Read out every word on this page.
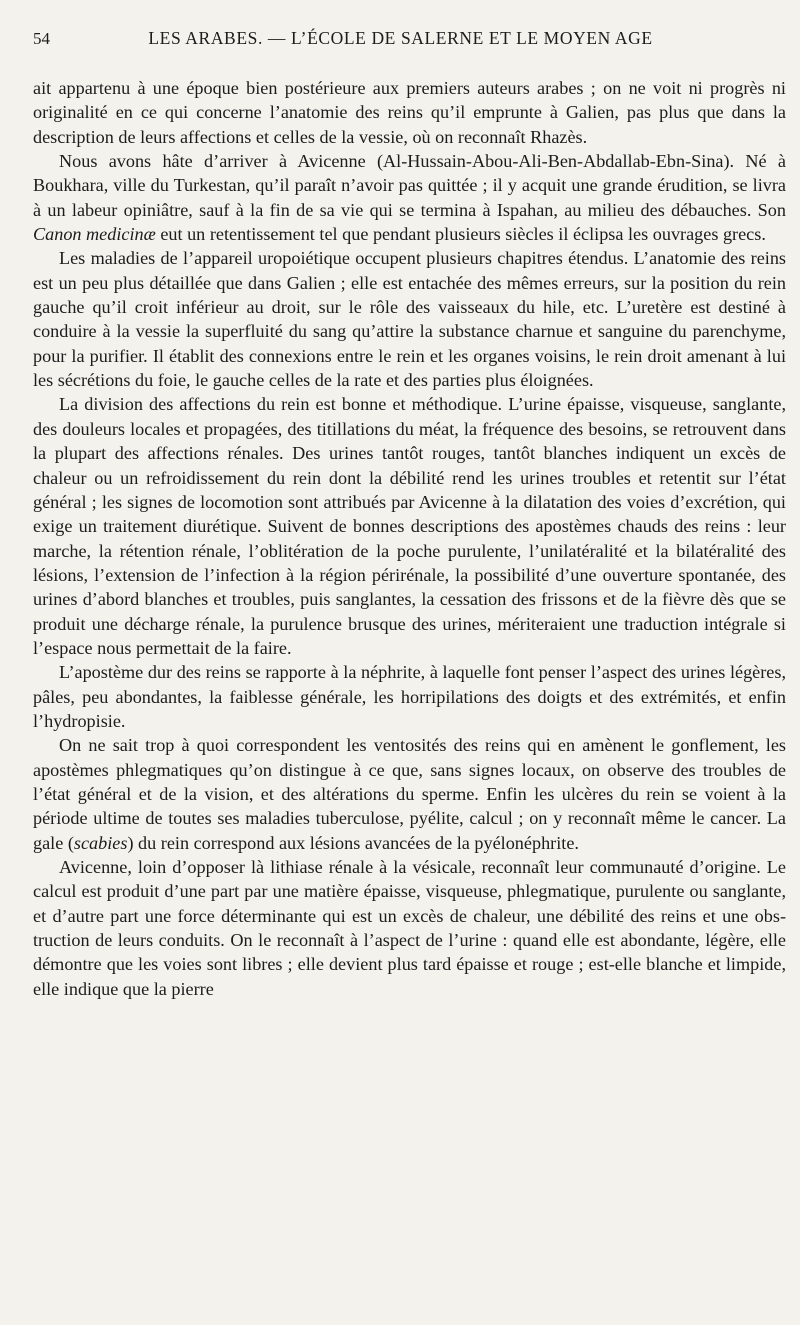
54	LES ARABES. — L’ÉCOLE DE SALERNE ET LE MOYEN AGE

ait appartenu à une époque bien postérieure aux premiers auteurs arabes ; on ne voit ni progrès ni originalité en ce qui concerne l’anatomie des reins qu’il emprunte à Galien, pas plus que dans la description de leurs affections et celles de la vessie, où on reconnaît Rhazès.

Nous avons hâte d’arriver à Avicenne (Al-Hussain-Abou-Ali-Ben-Abdallab-Ebn-Sina). Né à Boukhara, ville du Turkestan, qu’il paraît n’avoir pas quittée ; il y acquit une grande érudition, se livra à un labeur opiniâtre, sauf à la fin de sa vie qui se termina à Ispahan, au milieu des débauches. Son Canon medicinæ eut un retentissement tel que pendant plusieurs siècles il éclipsa les ouvrages grecs.

Les maladies de l’appareil uropoiétique occupent plusieurs chapitres étendus. L’anatomie des reins est un peu plus détaillée que dans Galien ; elle est entachée des mêmes erreurs, sur la position du rein gauche qu’il croit inférieur au droit, sur le rôle des vaisseaux du hile, etc. L’uretère est destiné à conduire à la vessie la superfluité du sang qu’attire la substance charnue et sanguine du parenchyme, pour la purifier. Il établit des connexions entre le rein et les organes voisins, le rein droit amenant à lui les sécrétions du foie, le gauche celles de la rate et des parties plus éloignées.

La division des affections du rein est bonne et méthodique. L’urine épaisse, visqueuse, sanglante, des douleurs locales et propagées, des titillations du méat, la fréquence des besoins, se retrouvent dans la plupart des affections rénales. Des urines tantôt rouges, tantôt blanches indiquent un excès de chaleur ou un refroidissement du rein dont la débilité rend les urines troubles et retentit sur l’état général ; les signes de locomotion sont attribués par Avicenne à la dilatation des voies d’excrétion, qui exige un traitement diurétique. Suivent de bonnes descriptions des apostèmes chauds des reins : leur marche, la rétention rénale, l’oblitération de la poche purulente, l’unilatéralité et la bilatéralité des lésions, l’extension de l’infection à la région périrénale, la possibilité d’une ouverture spontanée, des urines d’abord blanches et troubles, puis sanglantes, la cessation des frissons et de la fièvre dès que se produit une décharge rénale, la purulence brusque des urines, mériteraient une traduction intégrale si l’espace nous permettait de la faire.

L’apostème dur des reins se rapporte à la néphrite, à laquelle font penser l’aspect des urines légères, pâles, peu abondantes, la faiblesse générale, les horripilations des doigts et des extrémités, et enfin l’hydropisie.

On ne sait trop à quoi correspondent les ventosités des reins qui en amènent le gonflement, les apostèmes phlegmatiques qu’on distingue à ce que, sans signes locaux, on observe des troubles de l’état général et de la vision, et des altérations du sperme. Enfin les ulcères du rein se voient à la période ultime de toutes ses maladies tuberculose, pyélite, calcul ; on y reconnaît même le cancer. La gale (scabies) du rein correspond aux lésions avancées de la pyélonéphrite.

Avicenne, loin d’opposer là lithiase rénale à la vésicale, reconnaît leur communauté d’origine. Le calcul est produit d’une part par une matière épaisse, visqueuse, phlegmatique, purulente ou sanglante, et d’autre part une force déterminante qui est un excès de chaleur, une débilité des reins et une obstruction de leurs conduits. On le reconnaît à l’aspect de l’urine : quand elle est abondante, légère, elle démontre que les voies sont libres ; elle devient plus tard épaisse et rouge ; est-elle blanche et limpide, elle indique que la pierre
